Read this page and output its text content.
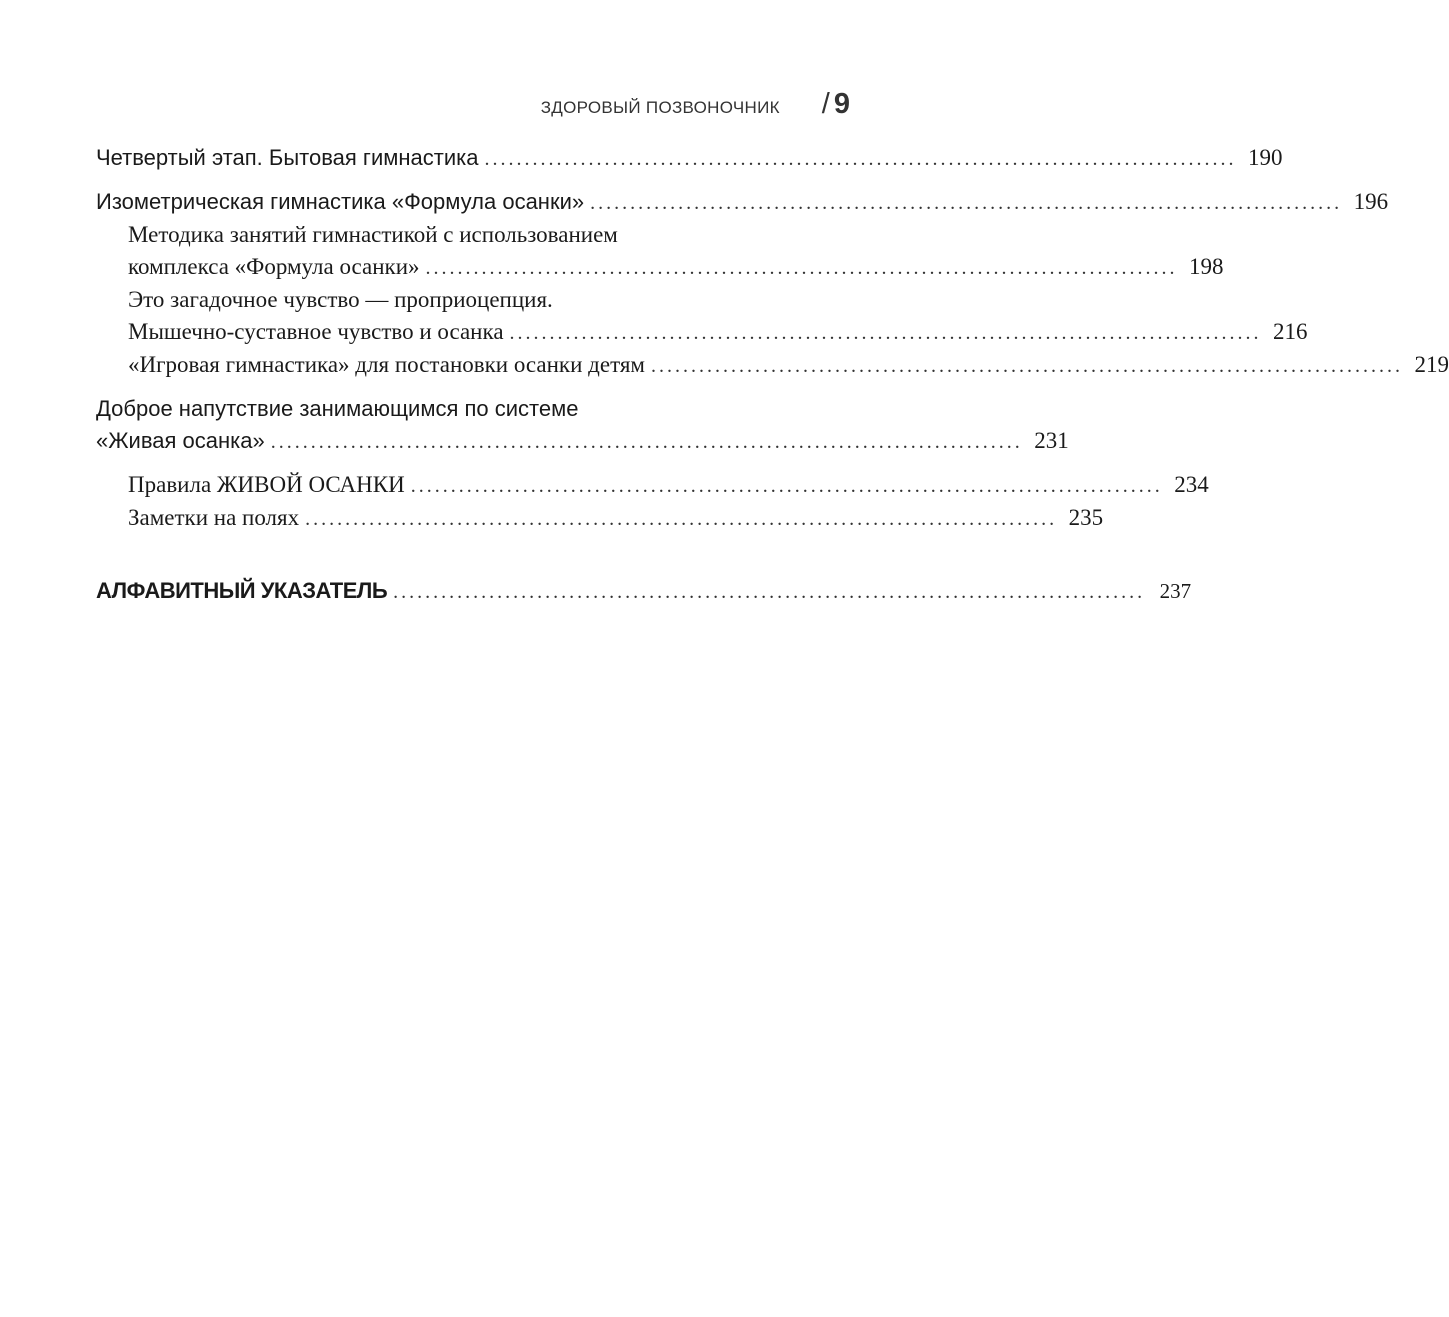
ЗДОРОВЫЙ ПОЗВОНОЧНИК / 9
Четвертый этап. Бытовая гимнастика .............................................................................................. 190
Изометрическая гимнастика «Формула осанки» .............................................................................................. 196
Методика занятий гимнастикой с использованием
комплекса «Формула осанки» .............................................................................................. 198
Это загадочное чувство — проприоцепция.
Мышечно-суставное чувство и осанка .............................................................................................. 216
«Игровая гимнастика» для постановки осанки детям .............................................................................................. 219
Доброе напутствие занимающимся по системе
«Живая осанка» .............................................................................................. 231
Правила ЖИВОЙ ОСАНКИ .............................................................................................. 234
Заметки на полях .............................................................................................. 235
АЛФАВИТНЫЙ УКАЗАТЕЛЬ .............................................................................................. 237
